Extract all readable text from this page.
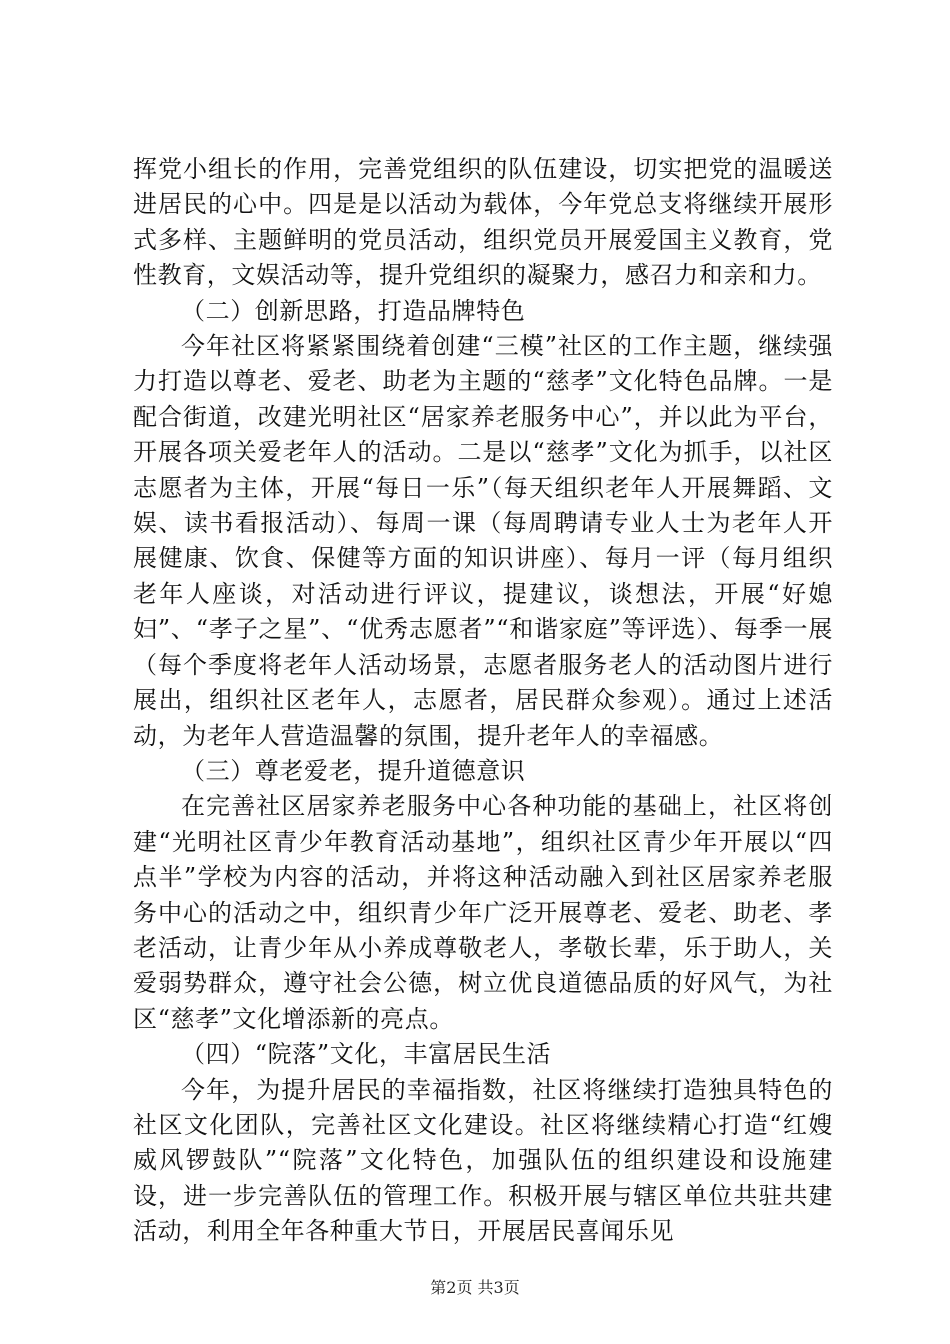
挥党小组长的作用，完善党组织的队伍建设，切实把党的温暖送进居民的心中。四是是以活动为载体，今年党总支将继续开展形式多样、主题鲜明的党员活动，组织党员开展爱国主义教育，党性教育，文娱活动等，提升党组织的凝聚力，感召力和亲和力。

（二）创新思路，打造品牌特色

今年社区将紧紧围绕着创建“三模”社区的工作主题，继续强力打造以尊老、爱老、助老为主题的“慈孝”文化特色品牌。一是配合街道，改建光明社区“居家养老服务中心”，并以此为平台，开展各项关爱老年人的活动。二是以“慈孝”文化为抓手，以社区志愿者为主体，开展“每日一乐”（每天组织老年人开展舞蹈、文娱、读书看报活动）、每周一课（每周聘请专业人士为老年人开展健康、饮食、保健等方面的知识讲座）、每月一评（每月组织老年人座谈，对活动进行评议，提建议，谈想法，开展“好媳妇”、“孝子之星”、“优秀志愿者”“和谐家庭”等评选）、每季一展（每个季度将老年人活动场景，志愿者服务老人的活动图片进行展出，组织社区老年人，志愿者，居民群众参观）。通过上述活动，为老年人营造温馨的氛围，提升老年人的幸福感。

（三）尊老爱老，提升道德意识

在完善社区居家养老服务中心各种功能的基础上，社区将创建“光明社区青少年教育活动基地”，组织社区青少年开展以“四点半”学校为内容的活动，并将这种活动融入到社区居家养老服务中心的活动之中，组织青少年广泛开展尊老、爱老、助老、孝老活动，让青少年从小养成尊敬老人，孝敬长辈，乐于助人，关爱弱势群众，遵守社会公德，树立优良道德品质的好风气，为社区“慈孝”文化增添新的亮点。

（四）“院落”文化，丰富居民生活

今年，为提升居民的幸福指数，社区将继续打造独具特色的社区文化团队，完善社区文化建设。社区将继续精心打造“红嫂威风锣鼓队”“院落”文化特色，加强队伍的组织建设和设施建设，进一步完善队伍的管理工作。积极开展与辖区单位共驻共建活动，利用全年各种重大节日，开展居民喜闻乐见

第2页 共3页
